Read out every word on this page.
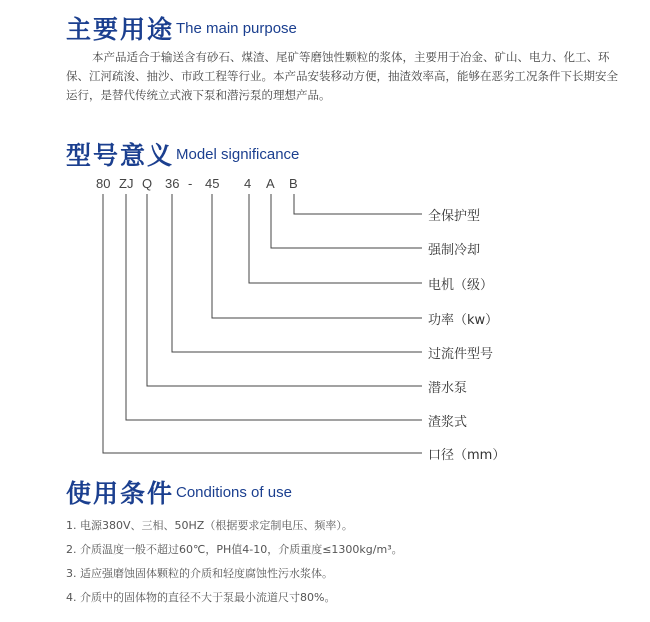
主要用途 The main purpose
本产品适合于输送含有砂石、煤渣、尾矿等磨蚀性颗粒的浆体，主要用于冶金、矿山、电力、化工、环
保、江河疏浚、抽沙、市政工程等行业。本产品安装移动方便，抽渣效率高，能够在恶劣工况条件下长期安全
运行，是替代传统立式液下泵和潜污泵的理想产品。
型号意义 Model significance
80 ZJ Q 36 - 45 4 A B
全保护型
强制冷却
电机（级）
功率（kw）
过流件型号
潜水泵
渣浆式
口径（mm）
使用条件 Conditions of use
1. 电源380V、三相、50HZ（根据要求定制电压、频率）。
2. 介质温度一般不超过60℃，PH值4-10，介质重度≤1300kg/m³。
3. 适应强磨蚀固体颗粒的介质和轻度腐蚀性污水浆体。
4. 介质中的固体物的直径不大于泵最小流道尺寸80%。
